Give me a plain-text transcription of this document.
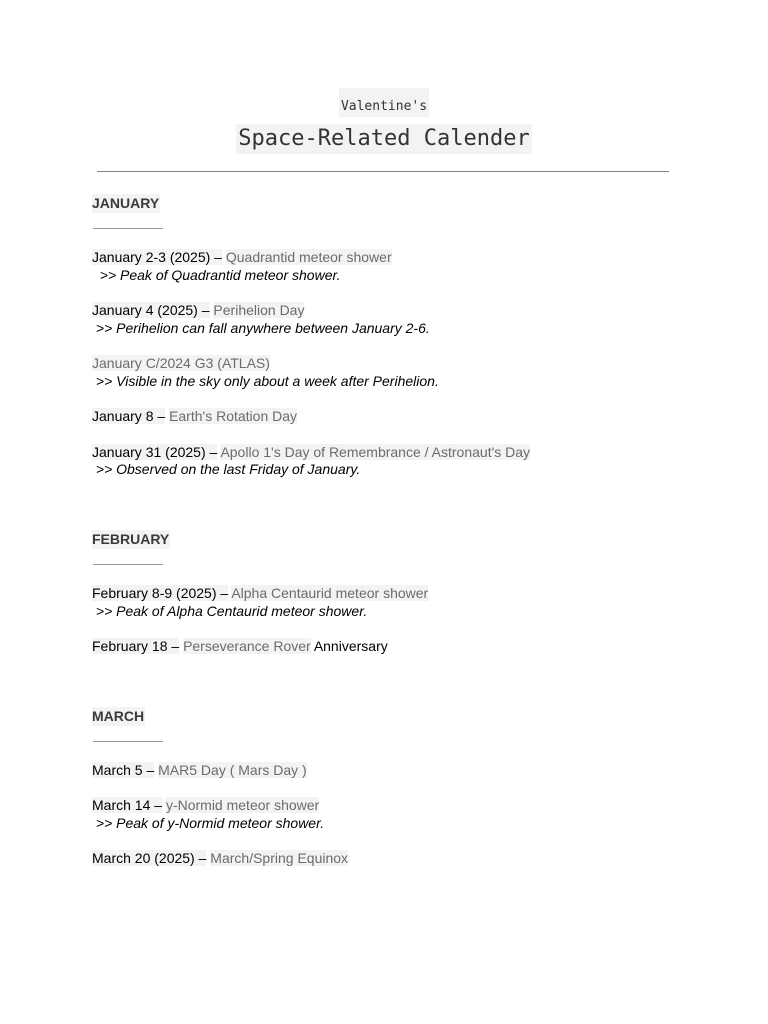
Valentine's
Space-Related Calender
JANUARY
January 2-3 (2025) – Quadrantid meteor shower
>> Peak of Quadrantid meteor shower.
January 4 (2025) – Perihelion Day
>> Perihelion can fall anywhere between January 2-6.
January C/2024 G3 (ATLAS)
>> Visible in the sky only about a week after Perihelion.
January 8 – Earth's Rotation Day
January 31 (2025) – Apollo 1's Day of Remembrance / Astronaut's Day
>> Observed on the last Friday of January.
FEBRUARY
February 8-9 (2025) – Alpha Centaurid meteor shower
>> Peak of Alpha Centaurid meteor shower.
February 18 – Perseverance Rover Anniversary
MARCH
March 5 – MAR5 Day ( Mars Day )
March 14 – y-Normid meteor shower
>> Peak of y-Normid meteor shower.
March 20 (2025) – March/Spring Equinox
